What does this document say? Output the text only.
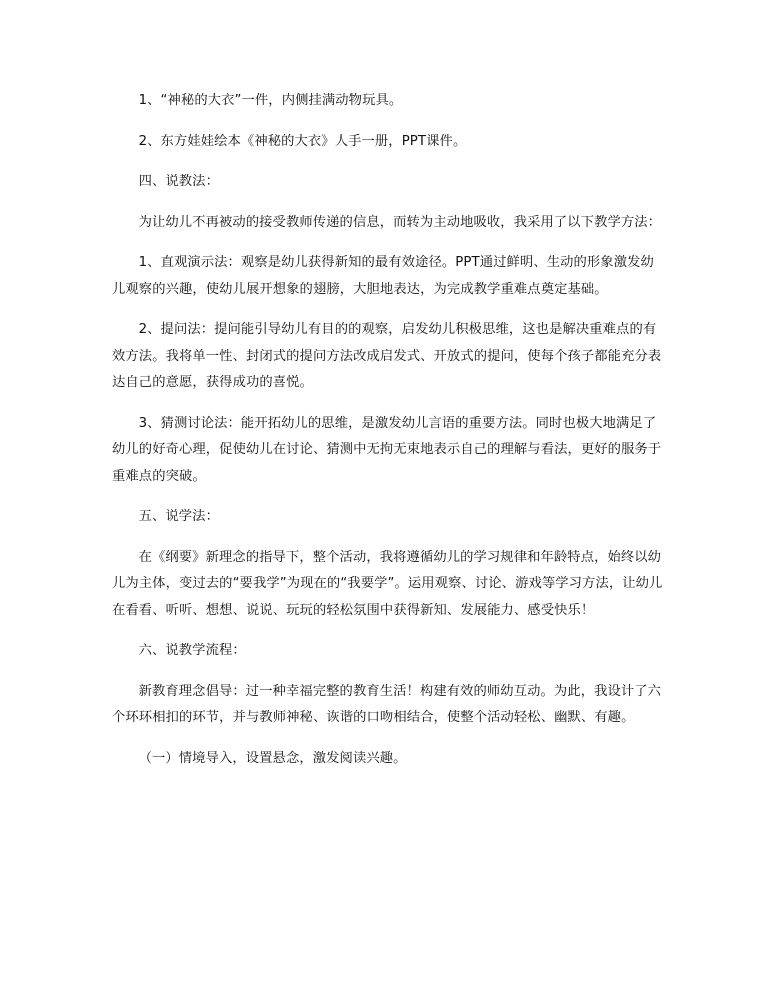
1、“神秘的大衣”一件，内侧挂满动物玩具。

2、东方娃娃绘本《神秘的大衣》人手一册，PPT课件。

四、说教法：

为让幼儿不再被动的接受教师传递的信息，而转为主动地吸收，我采用了以下教学方法：

1、直观演示法：观察是幼儿获得新知的最有效途径。PPT通过鲜明、生动的形象激发幼儿观察的兴趣，使幼儿展开想象的翅膀，大胆地表达，为完成教学重难点奠定基础。

2、提问法：提问能引导幼儿有目的的观察，启发幼儿积极思维，这也是解决重难点的有效方法。我将单一性、封闭式的提问方法改成启发式、开放式的提问，使每个孩子都能充分表达自己的意愿，获得成功的喜悦。

3、猜测讨论法：能开拓幼儿的思维，是激发幼儿言语的重要方法。同时也极大地满足了幼儿的好奇心理，促使幼儿在讨论、猜测中无拘无束地表示自己的理解与看法，更好的服务于重难点的突破。

五、说学法：

在《纲要》新理念的指导下，整个活动，我将遵循幼儿的学习规律和年龄特点，始终以幼儿为主体，变过去的“要我学”为现在的“我要学”。运用观察、讨论、游戏等学习方法，让幼儿在看看、听听、想想、说说、玩玩的轻松氛围中获得新知、发展能力、感受快乐！

六、说教学流程：

新教育理念倡导：过一种幸福完整的教育生活！构建有效的师幼互动。为此，我设计了六个环环相扣的环节，并与教师神秘、诙谐的口吻相结合，使整个活动轻松、幽默、有趣。

（一）情境导入，设置悬念，激发阅读兴趣。
